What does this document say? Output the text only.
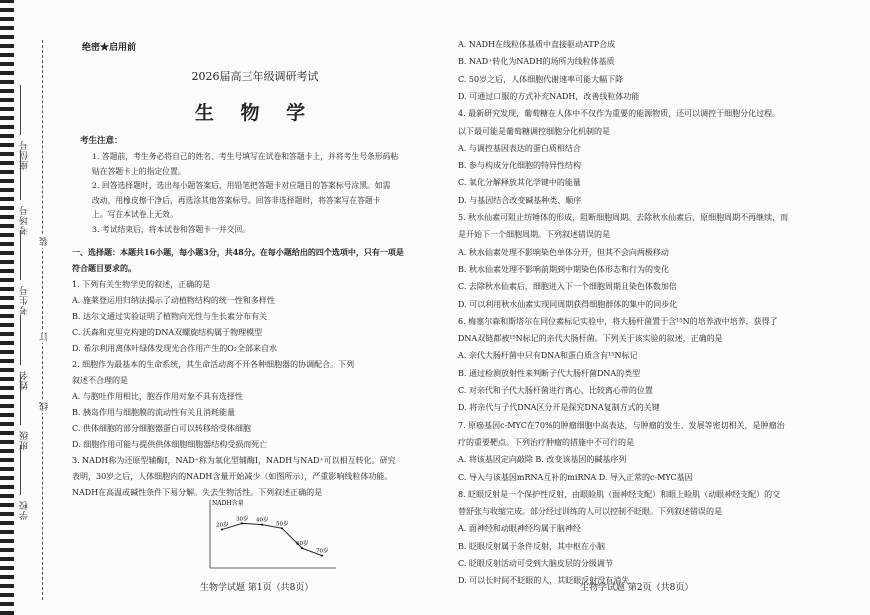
座位号
考场号
考生号
姓名
班级
学校
装
订
线
绝密★启用前
2026届高三年级调研考试
生 物 学
考生注意：
1. 答题前，考生务必将自己的姓名、考生号填写在试卷和答题卡上，并将考生号条形码粘
贴在答题卡上的指定位置。
2. 回答选择题时，选出每小题答案后，用铅笔把答题卡对应题目的答案标号涂黑。如需
改动，用橡皮擦干净后，再选涂其他答案标号。回答非选择题时，将答案写在答题卡
上。写在本试卷上无效。
3. 考试结束后，将本试卷和答题卡一并交回。
一、选择题：本题共16小题，每小题3分，共48分。在每小题给出的四个选项中，只有一项是
符合题目要求的。
1. 下列有关生物学史的叙述，正确的是
A. 施莱登运用归纳法揭示了动植物结构的统一性和多样性
B. 达尔文通过实验证明了植物向光性与生长素分布有关
C. 沃森和克里克构建的DNA双螺旋结构属于物理模型
D. 希尔利用离体叶绿体发现光合作用产生的O₂全部来自水
2. 细胞作为最基本的生命系统，其生命活动离不开各种细胞器的协调配合。下列
叙述不合理的是
A. 与胞吐作用相比，胞吞作用对象不具有选择性
B. 胰岛作用与细胞膜的流动性有关且消耗能量
C. 供体细胞的部分细胞器蛋白可以转移给受体细胞
D. 细胞作用可能与提供供体细胞细胞器结构受损而死亡
3. NADH称为还原型辅酶Ⅰ，NAD⁺称为氧化型辅酶Ⅰ，NADH与NAD⁺可以相互转化。研究
表明，30岁之后，人体细胞内的NADH含量开始减少（如图所示），严重影响线粒体功能。
NADH在高温或碱性条件下易分解。失去生物活性。下列叙述正确的是
NADH含量
20岁
30岁 40岁
50岁
60岁
70岁
A. NADH在线粒体基质中直接驱动ATP合成
B. NAD⁺转化为NADH的场所为线粒体基质
C. 50岁之后，人体细胞代谢速率可能大幅下降
D. 可通过口服的方式补充NADH，改善线粒体功能
4. 最新研究发现，葡萄糖在人体中不仅作为重要的能源物质，还可以调控干细胞分化过程。
以下最可能是葡萄糖调控细胞分化机制的是
A. 与调控基因表达的蛋白质相结合
B. 参与构成分化细胞的特异性结构
C. 氧化分解释放其化学键中的能量
D. 与基因结合改变碱基种类、顺序
5. 秋水仙素可阻止纺锤体的形成，阻断细胞周期。去除秋水仙素后，原细胞周期不再继续，而
是开始下一个细胞周期。下列叙述错误的是
A. 秋水仙素处理不影响染色单体分开，但其不会向两极移动
B. 秋水仙素处理不影响前期到中期染色体形态和行为的变化
C. 去除秋水仙素后，细胞进入下一个细胞周期且染色体数加倍
D. 可以利用秋水仙素实现同周期获得细胞群体的集中的同步化
6. 梅塞尔森和斯塔尔在同位素标记实验中，将大肠杆菌置于含¹⁵N的培养液中培养，获得了
DNA双链都被¹⁵N标记的亲代大肠杆菌。下列关于该实验的叙述，正确的是
A. 亲代大肠杆菌中只有DNA和蛋白质含有¹⁵N标记
B. 通过检测放射性来判断子代大肠杆菌DNA的类型
C. 对亲代和子代大肠杆菌进行离心，比较离心带的位置
D. 将亲代与子代DNA区分开是探究DNA复制方式的关键
7. 原癌基因c-MYC在70%的肿瘤细胞中高表达，与肿瘤的发生、发展等密切相关，是肿瘤治
疗的重要靶点。下列治疗肿瘤的措施中不可行的是
A. 将该基因定向敲除 B. 改变该基因的碱基序列
C. 导入与该基因mRNA互补的miRNA D. 导入正常的c-MYC基因
8. 眨眼反射是一个保护性反射，由眼睑肌（面神经支配）和眼上睑肌（动眼神经支配）的交
替舒张与收缩完成。部分经过训练的人可以控制不眨眼。下列叙述错误的是
A. 面神经和动眼神经均属于脑神经
B. 眨眼反射属于条件反射，其中枢在小脑
C. 眨眼反射活动可受到大脑皮层的分级调节
D. 可以长时间不眨眼的人，其眨眼反射没有消失
生物学试题 第1页（共8页）	生物学试题 第2页（共8页）
